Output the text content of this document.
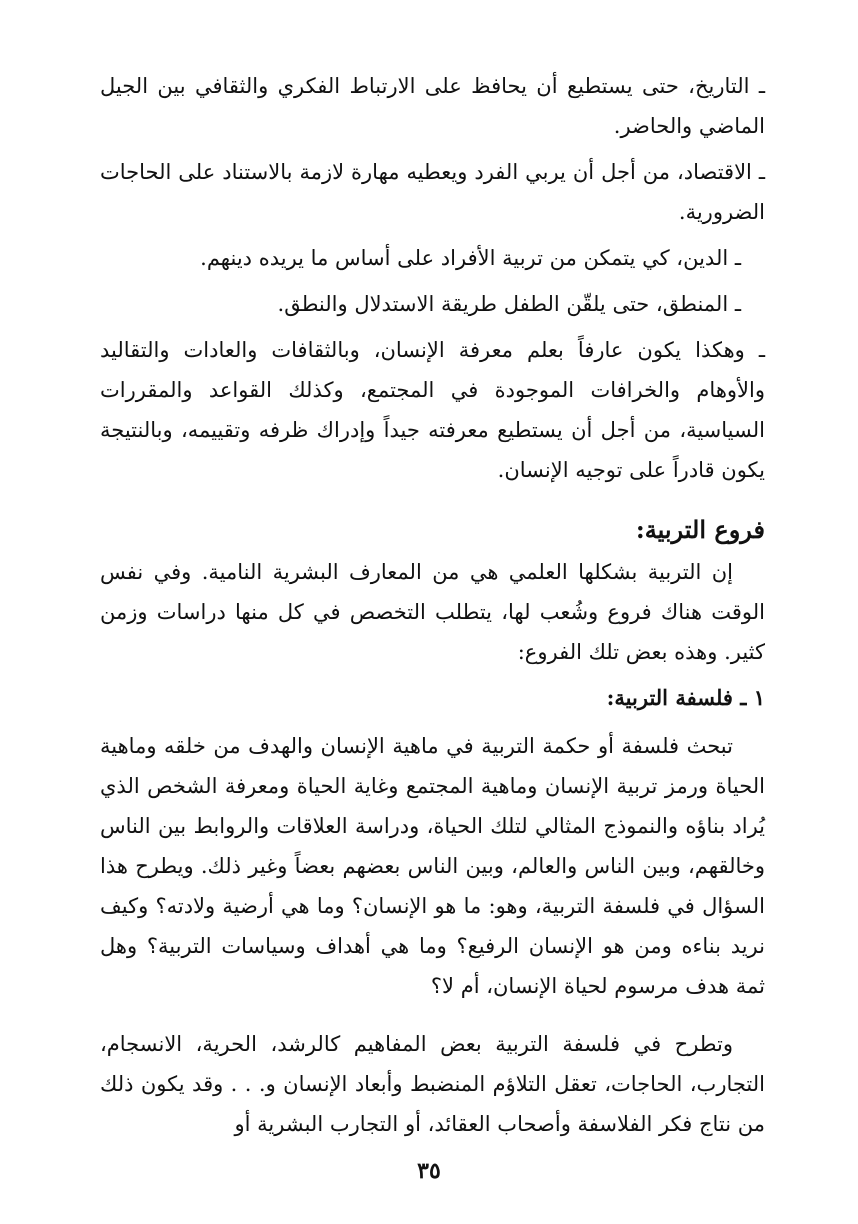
ـ التاريخ، حتى يستطيع أن يحافظ على الارتباط الفكري والثقافي بين الجيل الماضي والحاضر.

ـ الاقتصاد، من أجل أن يربي الفرد ويعطيه مهارة لازمة بالاستناد على الحاجات الضرورية.

ـ الدين، كي يتمكن من تربية الأفراد على أساس ما يريده دينهم.

ـ المنطق، حتى يلقّن الطفل طريقة الاستدلال والنطق.

ـ وهكذا يكون عارفاً بعلم معرفة الإنسان، وبالثقافات والعادات والتقاليد والأوهام والخرافات الموجودة في المجتمع، وكذلك القواعد والمقررات السياسية، من أجل أن يستطيع معرفته جيداً وإدراك ظرفه وتقييمه، وبالنتيجة يكون قادراً على توجيه الإنسان.

فروع التربية:

إن التربية بشكلها العلمي هي من المعارف البشرية النامية. وفي نفس الوقت هناك فروع وشُعب لها، يتطلب التخصص في كل منها دراسات وزمن كثير. وهذه بعض تلك الفروع:

١ ـ فلسفة التربية:

تبحث فلسفة أو حكمة التربية في ماهية الإنسان والهدف من خلقه وماهية الحياة ورمز تربية الإنسان وماهية المجتمع وغاية الحياة ومعرفة الشخص الذي يُراد بناؤه والنموذج المثالي لتلك الحياة، ودراسة العلاقات والروابط بين الناس وخالقهم، وبين الناس والعالم، وبين الناس بعضهم بعضاً وغير ذلك. ويطرح هذا السؤال في فلسفة التربية، وهو: ما هو الإنسان؟ وما هي أرضية ولادته؟ وكيف نريد بناءه ومن هو الإنسان الرفيع؟ وما هي أهداف وسياسات التربية؟ وهل ثمة هدف مرسوم لحياة الإنسان، أم لا؟

وتطرح في فلسفة التربية بعض المفاهيم كالرشد، الحرية، الانسجام، التجارب، الحاجات، تعقل التلاؤم المنضبط وأبعاد الإنسان و. . . وقد يكون ذلك من نتاج فكر الفلاسفة وأصحاب العقائد، أو التجارب البشرية أو

٣٥
